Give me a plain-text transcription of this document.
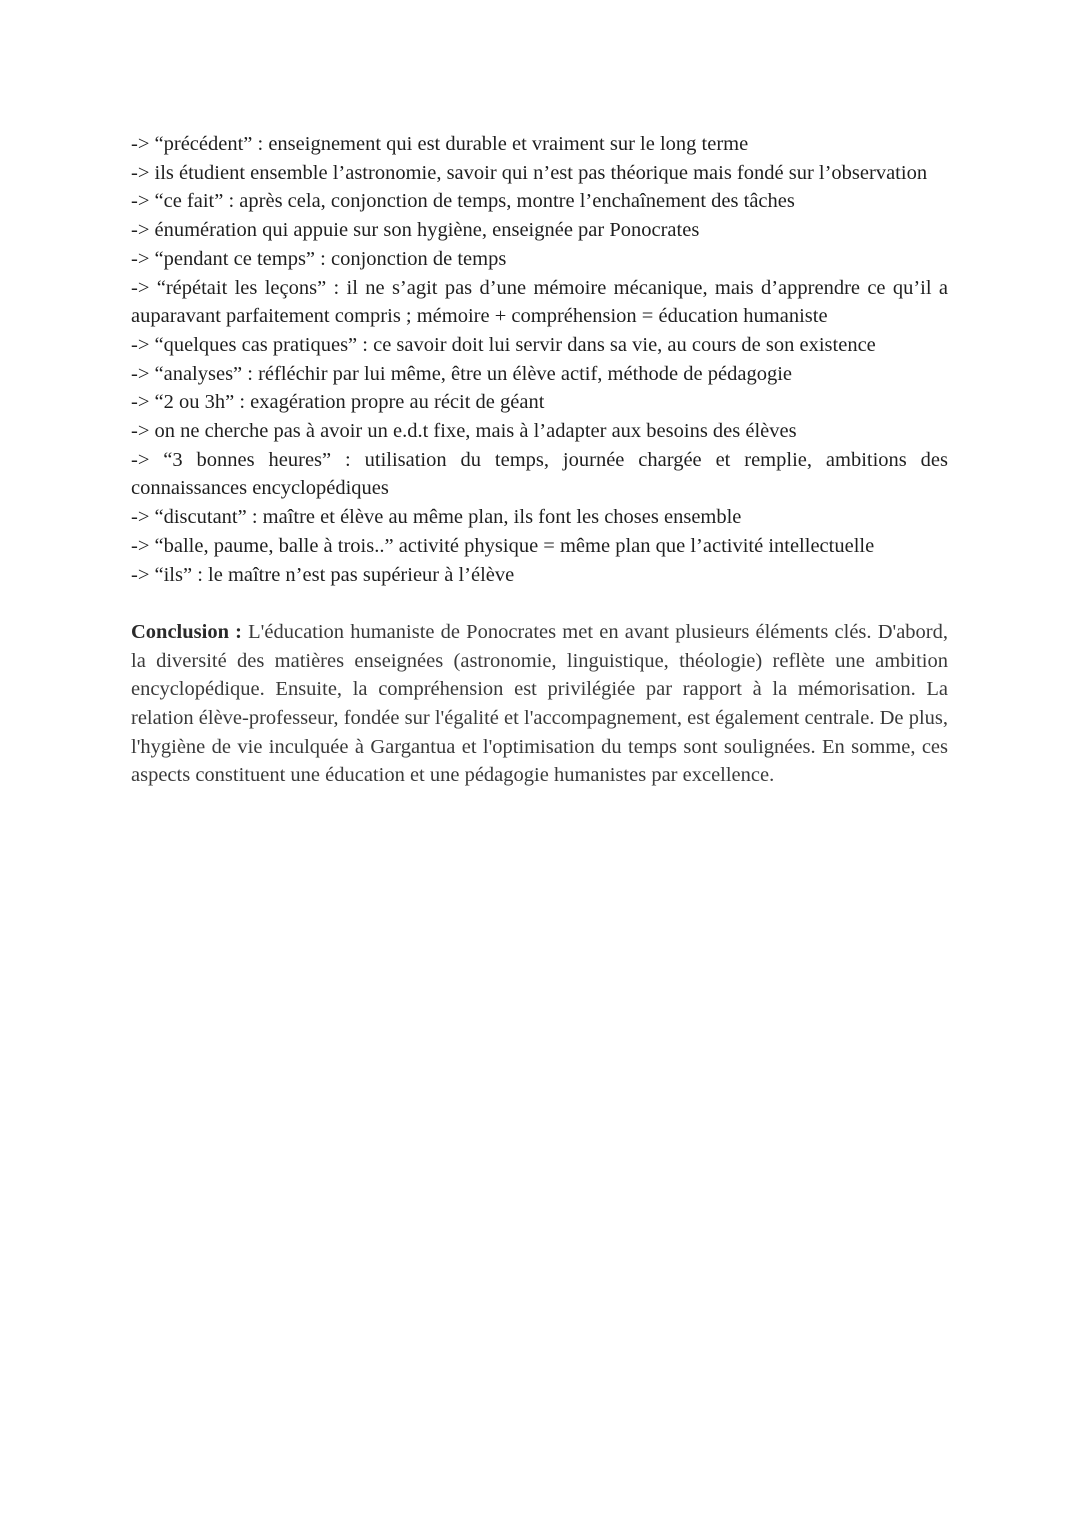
-> “précédent” : enseignement qui est durable et vraiment sur le long terme
-> ils étudient ensemble l’astronomie, savoir qui n’est pas théorique mais fondé sur l’observation
-> “ce fait” : après cela, conjonction de temps, montre l’enchaînement des tâches
-> énumération qui appuie sur son hygiène, enseignée par Ponocrates
-> “pendant ce temps” : conjonction de temps
-> “répétait les leçons” : il ne s’agit pas d’une mémoire mécanique, mais d’apprendre ce qu’il a auparavant parfaitement compris ; mémoire + compréhension = éducation humaniste
-> “quelques cas pratiques” : ce savoir doit lui servir dans sa vie, au cours de son existence
-> “analyses” : réfléchir par lui même, être un élève actif, méthode de pédagogie
-> “2 ou 3h” : exagération propre au récit de géant
-> on ne cherche pas à avoir un e.d.t fixe, mais à l’adapter aux besoins des élèves
-> “3 bonnes heures” : utilisation du temps, journée chargée et remplie, ambitions des connaissances encyclopédiques
-> “discutant” : maître et élève au même plan, ils font les choses ensemble
-> “balle, paume, balle à trois..” activité physique = même plan que l’activité intellectuelle
-> “ils” : le maître n’est pas supérieur à l’élève

Conclusion : L'éducation humaniste de Ponocrates met en avant plusieurs éléments clés. D'abord, la diversité des matières enseignées (astronomie, linguistique, théologie) reflète une ambition encyclopédique. Ensuite, la compréhension est privilégiée par rapport à la mémorisation. La relation élève-professeur, fondée sur l'égalité et l'accompagnement, est également centrale. De plus, l'hygiène de vie inculquée à Gargantua et l'optimisation du temps sont soulignées. En somme, ces aspects constituent une éducation et une pédagogie humanistes par excellence.
